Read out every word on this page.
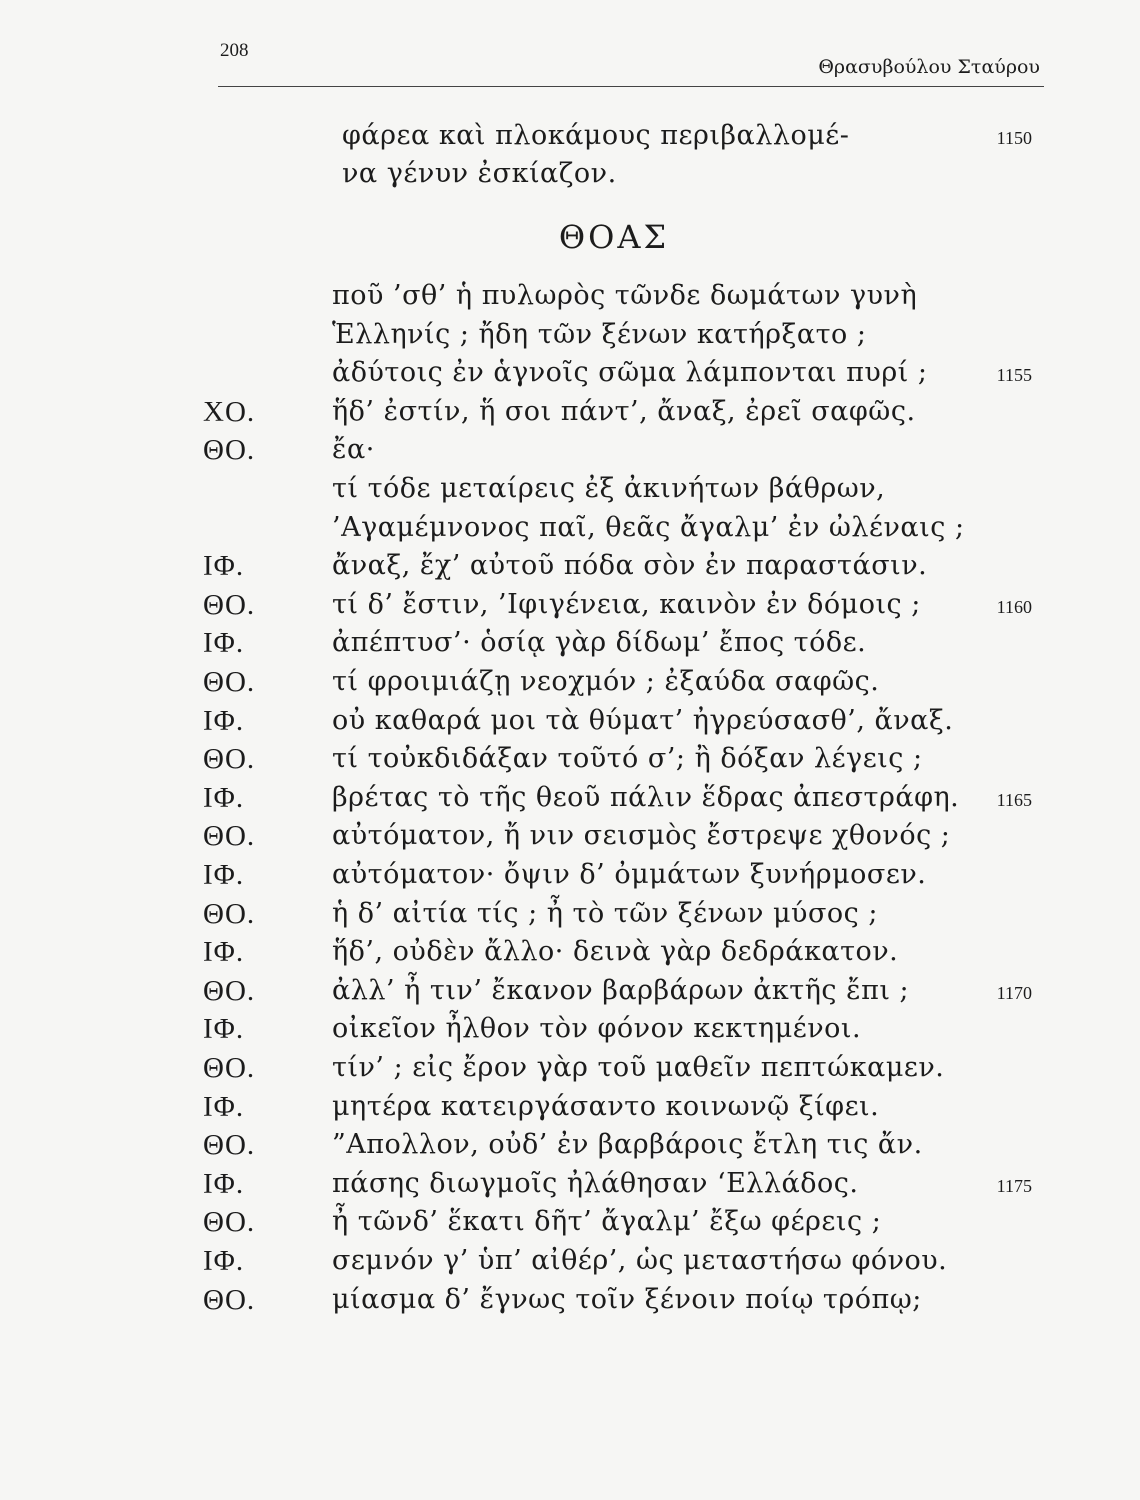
208
Θρασυβούλου Σταύρου
φάρεα καὶ πλοκάμους περιβαλλομέ-	1150
να γένυν ἐσκίαζον.
ΘΟΑΣ
ποῦ ’σθ’ ἡ πυλωρὸς τῶνδε δωμάτων γυνὴ
Ἑλληνίς ; ἤδη τῶν ξένων κατήρξατο ;
ἀδύτοις ἐν ἁγνοῖς σῶμα λάμπονται πυρί ;	1155
ΧΟ.	ἥδ’ ἐστίν, ἥ σοι πάντ’, ἄναξ, ἐρεῖ σαφῶς.
ΘΟ.	ἔα·
τί τόδε μεταίρεις ἐξ ἀκινήτων βάθρων,
’Αγαμέμνονος παῖ, θεᾶς ἄγαλμ’ ἐν ὠλέναις ;
ΙΦ.	ἄναξ, ἔχ’ αὐτοῦ πόδα σὸν ἐν παραστάσιν.
ΘΟ.	τί δ’ ἔστιν, ’Ιφιγένεια, καινὸν ἐν δόμοις ;	1160
ΙΦ.	ἀπέπτυσ’· ὁσίᾳ γὰρ δίδωμ’ ἔπος τόδε.
ΘΟ.	τί φροιμιάζῃ νεοχμόν ; ἐξαύδα σαφῶς.
ΙΦ.	οὐ καθαρά μοι τὰ θύματ’ ἠγρεύσασθ’, ἄναξ.
ΘΟ.	τί τοὐκδιδάξαν τοῦτό σ’; ἢ δόξαν λέγεις ;
ΙΦ.	βρέτας τὸ τῆς θεοῦ πάλιν ἕδρας ἀπεστράφη. 1165
ΘΟ.	αὐτόματον, ἤ νιν σεισμὸς ἔστρεψε χθονός ;
ΙΦ.	αὐτόματον· ὄψιν δ’ ὀμμάτων ξυνήρμοσεν.
ΘΟ.	ἡ δ’ αἰτία τίς ; ἦ τὸ τῶν ξένων μύσος ;
ΙΦ.	ἥδ’, οὐδὲν ἄλλο· δεινὰ γὰρ δεδράκατον.
ΘΟ.	ἀλλ’ ἦ τιν’ ἔκανον βαρβάρων ἀκτῆς ἔπι ;	1170
ΙΦ.	οἰκεῖον ἦλθον τὸν φόνον κεκτημένοι.
ΘΟ.	τίν’ ; εἰς ἔρον γὰρ τοῦ μαθεῖν πεπτώκαμεν.
ΙΦ.	μητέρα κατειργάσαντο κοινωνῷ ξίφει.
ΘΟ.	”Απολλον, οὐδ’ ἐν βαρβάροις ἔτλη τις ἄν.
ΙΦ.	πάσης διωγμοῖς ἠλάθησαν ‘Ελλάδος.	1175
ΘΟ.	ἦ τῶνδ’ ἕκατι δῆτ’ ἄγαλμ’ ἔξω φέρεις ;
ΙΦ.	σεμνόν γ’ ὑπ’ αἰθέρ’, ὡς μεταστήσω φόνου.
ΘΟ.	μίασμα δ’ ἔγνως τοῖν ξένοιν ποίῳ τρόπῳ;
